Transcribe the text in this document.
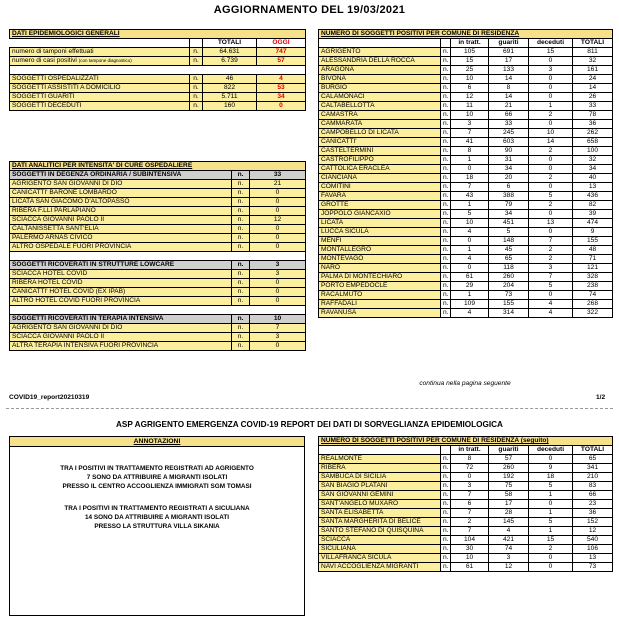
AGGIORNAMENTO DEL 19/03/2021
DATI EPIDEMIOLOGICI GENERALI			
		TOTALI	OGGI
numero di tamponi effettuati	n.	64.631	747
numero di casi positivi (con tampone diagnostico)	n.	6.739	57

SOGGETTI OSPEDALIZZATI	n.	46	4
SOGGETTI ASSISTITI A DOMICILIO	n.	822	53
SOGGETTI GUARITI	n.	5.711	34
SOGGETTI DECEDUTI	n.	160	0
DATI ANALITICI PER INTENSITA' DI CURE OSPEDALIERE		
SOGGETTI IN DEGENZA ORDINARIA / SUBINTENSIVA	n.	33
AGRIGENTO SAN GIOVANNI DI DIO	n.	21
CANICATTI' BARONE LOMBARDO	n.	0
LICATA SAN GIACOMO D'ALTOPASSO	n.	0
RIBERA F.LLI PARLAPIANO	n.	0
SCIACCA GIOVANNI PAOLO II	n.	12
CALTANISSETTA SANT'ELIA	n.	0
PALERMO ARNAS CIVICO	n.	0
ALTRO OSPEDALE FUORI PROVINCIA	n.	0

SOGGETTI RICOVERATI IN STRUTTURE LOWCARE	n.	3
SCIACCA HOTEL COVID	n.	3
RIBERA HOTEL COVID	n.	0
CANICATTI' HOTEL COVID (EX IPAB)	n.	0
ALTRO HOTEL COVID FUORI PROVINCIA	n.	0

SOGGETTI RICOVERATI IN TERAPIA INTENSIVA	n.	10
AGRIGENTO SAN GIOVANNI DI DIO	n.	7
SCIACCA GIOVANNI PAOLO II	n.	3
ALTRA TERAPIA INTENSIVA FUORI PROVINCIA	n.	0
NUMERO DI SOGGETTI POSITIVI PER COMUNE DI RESIDENZA					
		in tratt.	guariti	deceduti	TOTALI
AGRIGENTO	n.	105	691	15	811
ALESSANDRIA DELLA ROCCA	n.	15	17	0	32
ARAGONA	n.	25	133	3	161
BIVONA	n.	10	14	0	24
BURGIO	n.	6	8	0	14
CALAMONACI	n.	12	14	0	26
CALTABELLOTTA	n.	11	21	1	33
CAMASTRA	n.	10	66	2	78
CAMMARATA	n.	3	33	0	36
CAMPOBELLO DI LICATA	n.	7	245	10	262
CANICATTI'	n.	41	603	14	658
CASTELTERMINI	n.	8	90	2	100
CASTROFILIPPO	n.	1	31	0	32
CATTOLICA ERACLEA	n.	0	34	0	34
CIANCIANA	n.	18	20	2	40
COMITINI	n.	7	6	0	13
FAVARA	n.	43	388	5	436
GROTTE	n.	1	79	2	82
JOPPOLO GIANCAXIO	n.	5	34	0	39
LICATA	n.	10	451	13	474
LUCCA SICULA	n.	4	5	0	9
MENFI	n.	0	148	7	155
MONTALLEGRO	n.	1	45	2	48
MONTEVAGO	n.	4	65	2	71
NARO	n.	0	118	3	121
PALMA DI MONTECHIARO	n.	61	260	7	328
PORTO EMPEDOCLE	n.	29	204	5	238
RACALMUTO	n.	1	73	0	74
RAFFADALI	n.	109	155	4	268
RAVANUSA	n.	4	314	4	322
continua nella pagina seguente
COVID19_report20210319	1/2
ASP AGRIGENTO EMERGENZA COVID-19 REPORT DEI DATI DI SORVEGLIANZA EPIDEMIOLOGICA
ANNOTAZIONI
TRA I POSITIVI IN TRATTAMENTO REGISTRATI AD AGRIGENTO
7 SONO DA ATTRIBUIRE A MIGRANTI ISOLATI
PRESSO IL CENTRO ACCOGLIENZA IMMIGRATI SGM TOMASI
TRA I POSITIVI IN TRATTAMENTO REGISTRATI A SICULIANA
14 SONO DA ATTRIBUIRE A MIGRANTI ISOLATI
PRESSO LA STRUTTURA VILLA SIKANIA
NUMERO DI SOGGETTI POSITIVI PER COMUNE DI RESIDENZA (seguito)					
		in tratt.	guariti	deceduti	TOTALI
REALMONTE	n.	8	57	0	65
RIBERA	n.	72	260	9	341
SAMBUCA DI SICILIA	n.	0	192	18	210
SAN BIAGIO PLATANI	n.	3	75	5	83
SAN GIOVANNI GEMINI	n.	7	58	1	66
SANT'ANGELO MUXARO	n.	6	17	0	23
SANTA ELISABETTA	n.	7	28	1	36
SANTA MARGHERITA DI BELICE	n.	2	145	5	152
SANTO STEFANO DI QUISQUINA	n.	7	4	1	12
SCIACCA	n.	104	421	15	540
SICULIANA	n.	30	74	2	106
VILLAFRANCA SICULA	n.	10	3	0	13
NAVI ACCOGLIENZA MIGRANTI	n.	61	12	0	73
